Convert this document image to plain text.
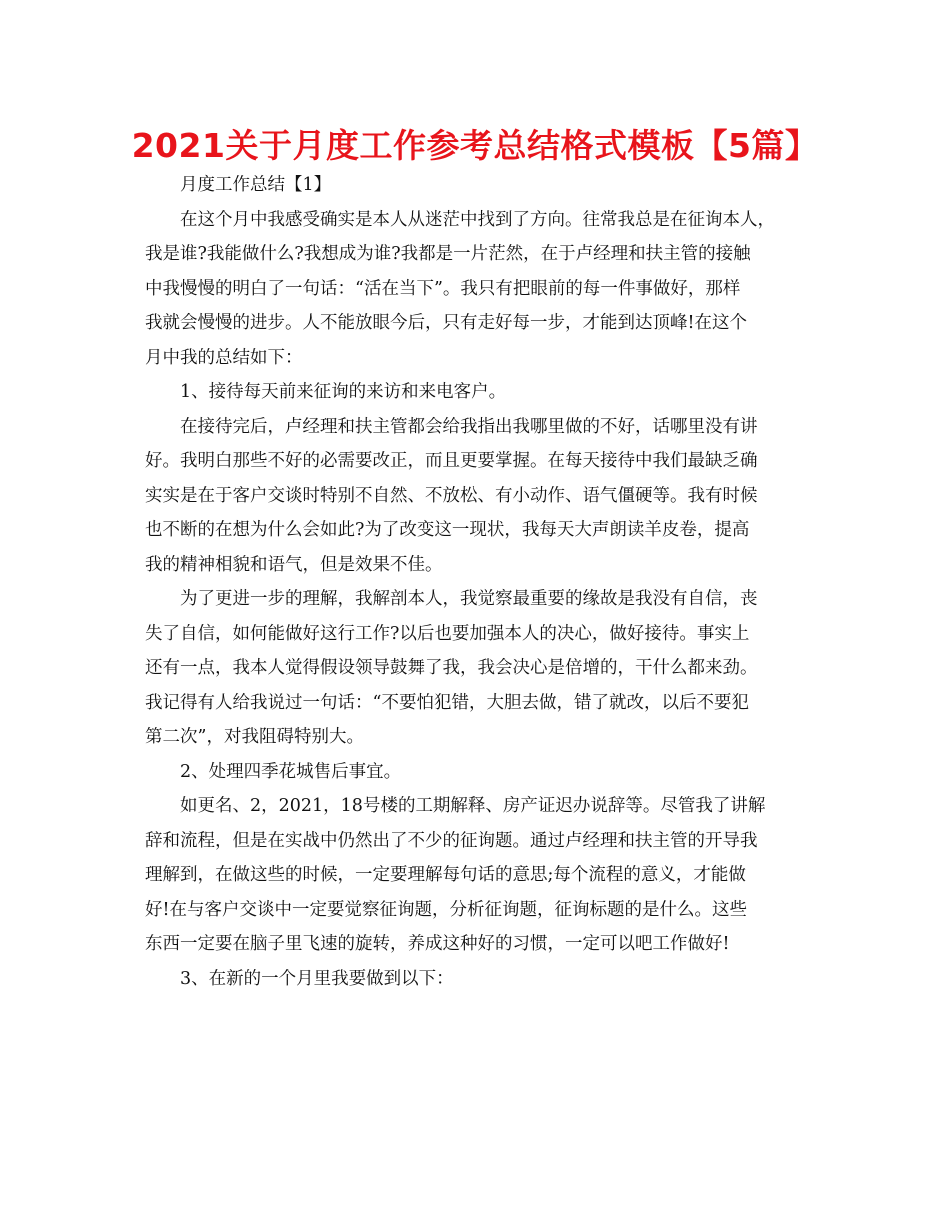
2021关于月度工作参考总结格式模板【5篇】

月度工作总结【1】

在这个月中我感受确实是本人从迷茫中找到了方向。往常我总是在征询本人，
我是谁?我能做什么?我想成为谁?我都是一片茫然，在于卢经理和扶主管的接触
中我慢慢的明白了一句话：“活在当下”。我只有把眼前的每一件事做好，那样
我就会慢慢的进步。人不能放眼今后，只有走好每一步，才能到达顶峰!在这个
月中我的总结如下：

1、接待每天前来征询的来访和来电客户。

在接待完后，卢经理和扶主管都会给我指出我哪里做的不好，话哪里没有讲
好。我明白那些不好的必需要改正，而且更要掌握。在每天接待中我们最缺乏确
实实是在于客户交谈时特别不自然、不放松、有小动作、语气僵硬等。我有时候
也不断的在想为什么会如此?为了改变这一现状，我每天大声朗读羊皮卷，提高
我的精神相貌和语气，但是效果不佳。

为了更进一步的理解，我解剖本人，我觉察最重要的缘故是我没有自信，丧
失了自信，如何能做好这行工作?以后也要加强本人的决心，做好接待。事实上
还有一点，我本人觉得假设领导鼓舞了我，我会决心是倍增的，干什么都来劲。
我记得有人给我说过一句话：“不要怕犯错，大胆去做，错了就改，以后不要犯
第二次”，对我阻碍特别大。

2、处理四季花城售后事宜。

如更名、2，2021，18号楼的工期解释、房产证迟办说辞等。尽管我了讲解
辞和流程，但是在实战中仍然出了不少的征询题。通过卢经理和扶主管的开导我
理解到，在做这些的时候，一定要理解每句话的意思;每个流程的意义，才能做
好!在与客户交谈中一定要觉察征询题，分析征询题，征询标题的是什么。这些
东西一定要在脑子里飞速的旋转，养成这种好的习惯，一定可以吧工作做好!

3、在新的一个月里我要做到以下：
